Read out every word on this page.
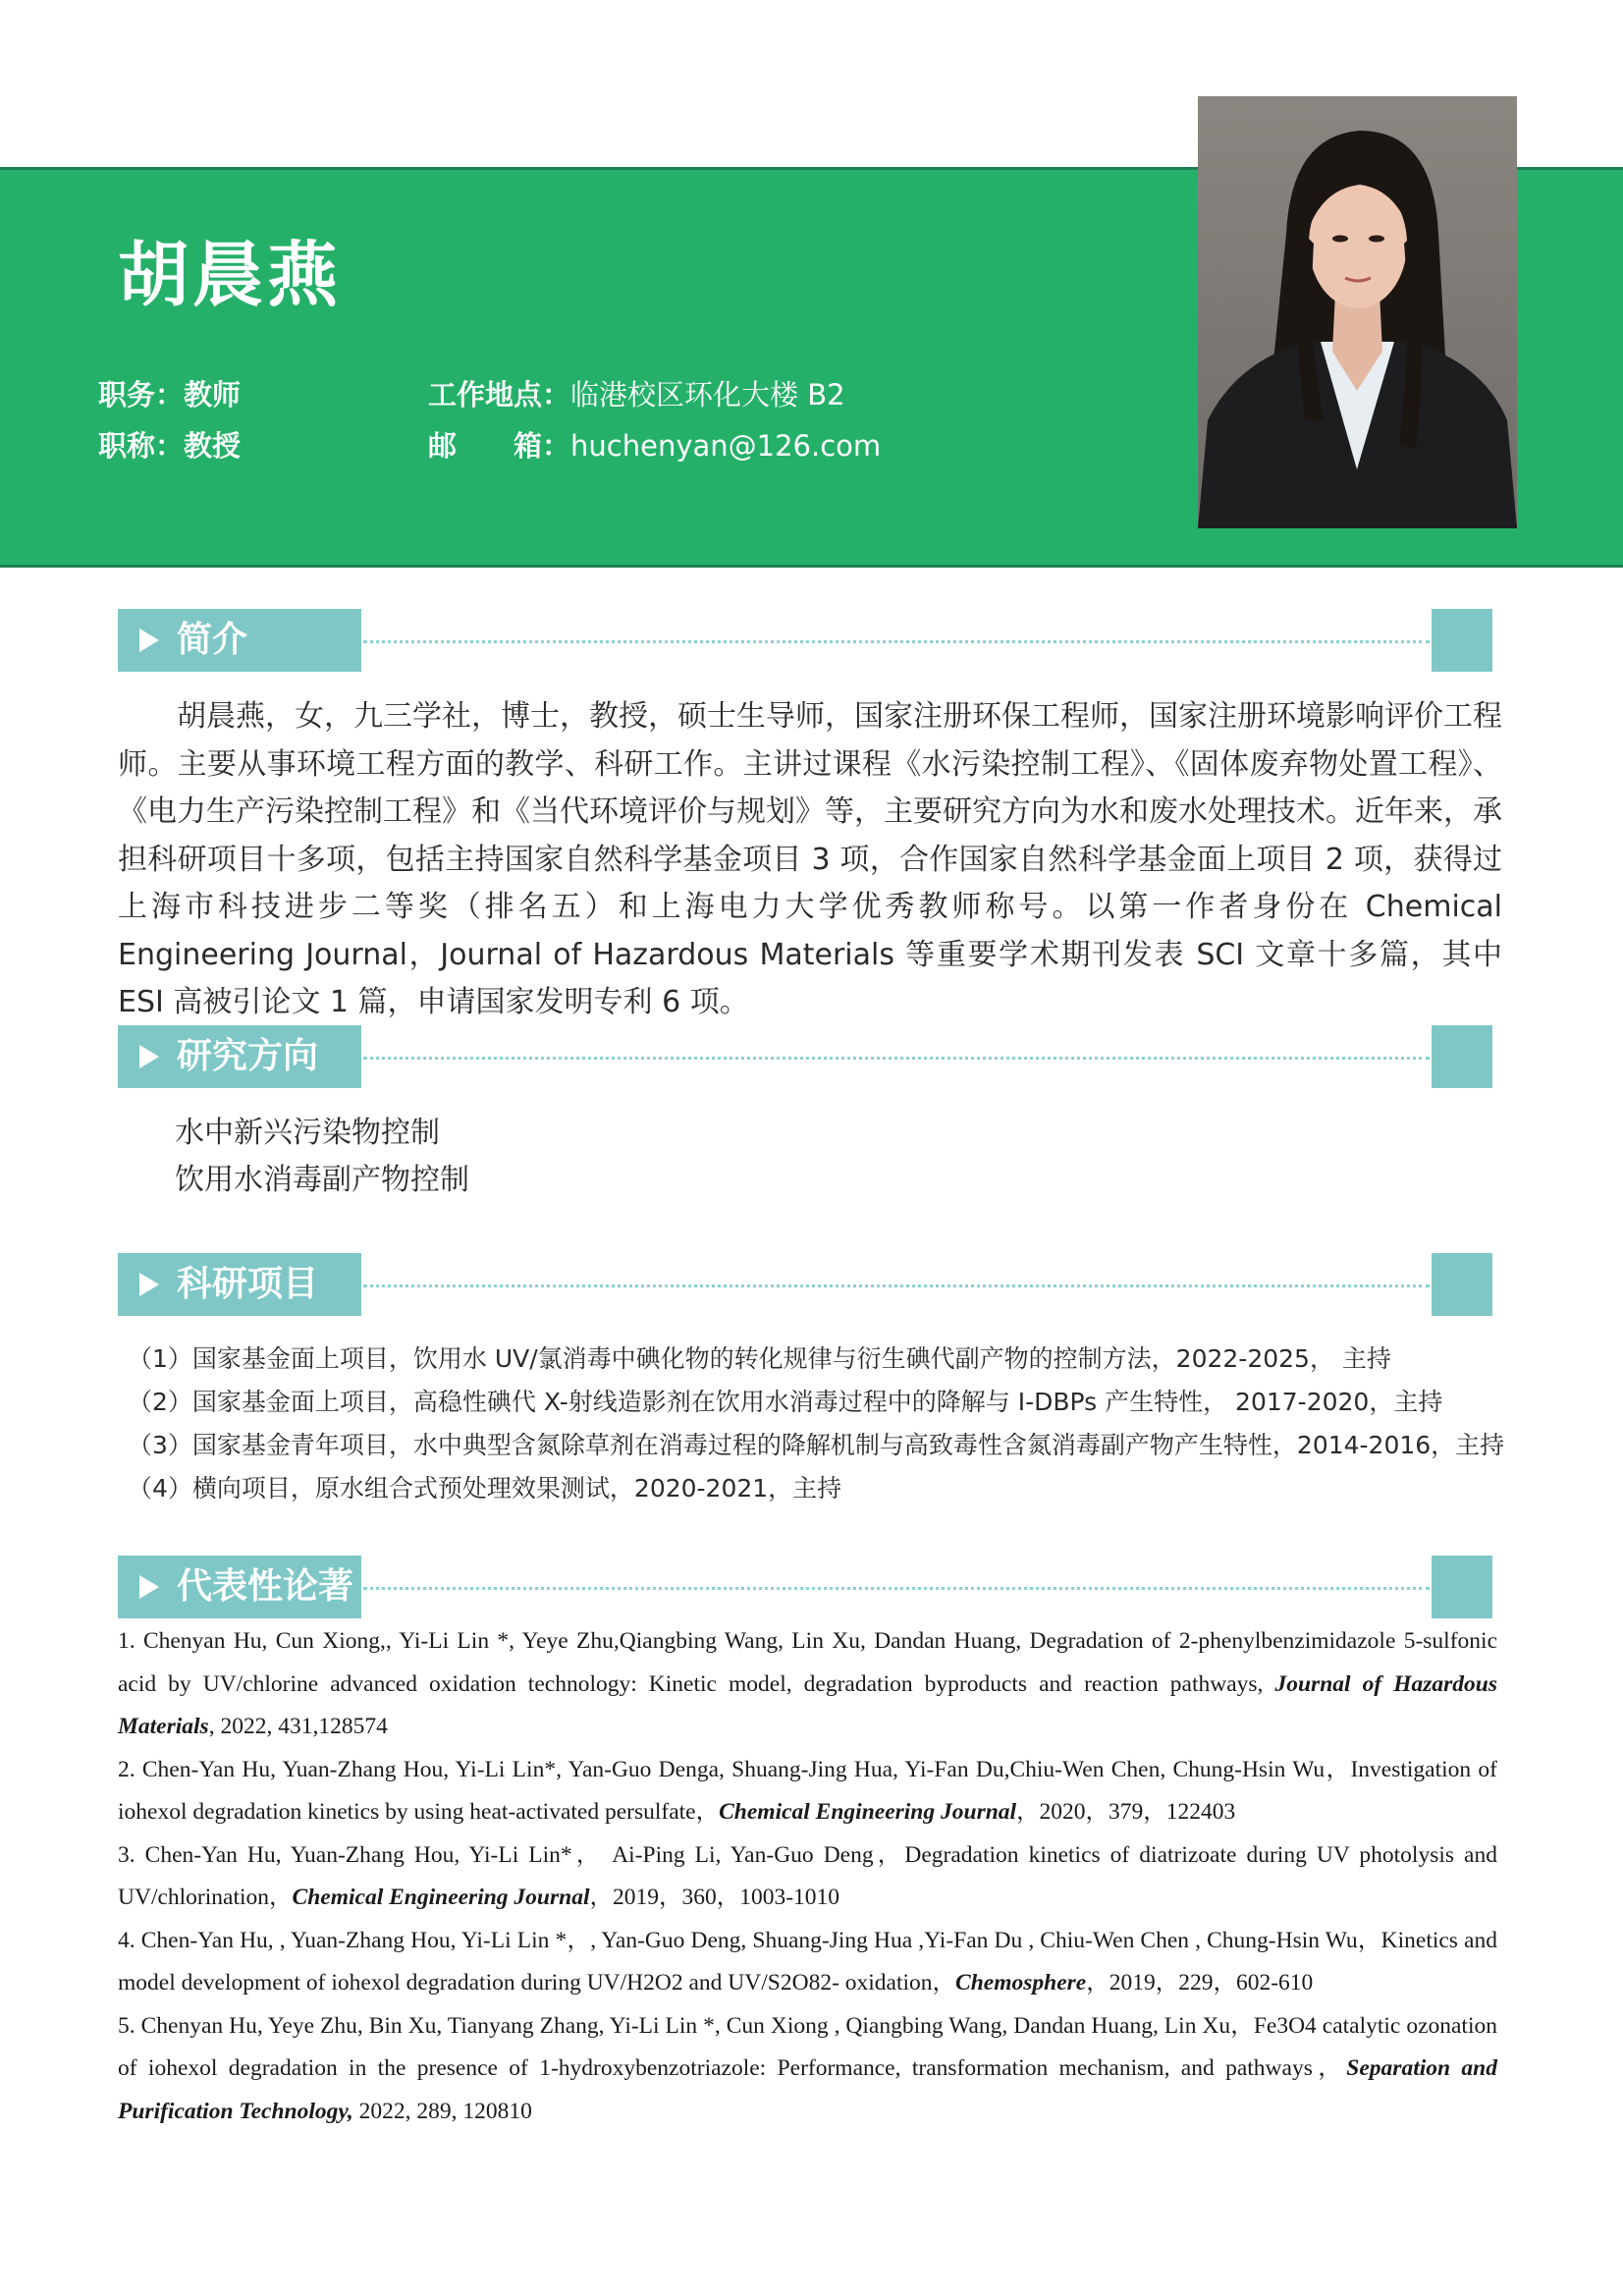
胡晨燕
职务：教师
职称：教授
工作地点：临港校区环化大楼 B2
邮　　箱：huchenyan@126.com
简介

胡晨燕，女，九三学社，博士，教授，硕士生导师，国家注册环保工程师，国家注册环境影响评价工程师。主要从事环境工程方面的教学、科研工作。主讲过课程《水污染控制工程》、《固体废弃物处置工程》、《电力生产污染控制工程》和《当代环境评价与规划》等，主要研究方向为水和废水处理技术。近年来，承担科研项目十多项，包括主持国家自然科学基金项目 3 项，合作国家自然科学基金面上项目 2 项，获得过上海市科技进步二等奖（排名五）和上海电力大学优秀教师称号。以第一作者身份在 Chemical Engineering Journal，Journal of Hazardous Materials 等重要学术期刊发表 SCI 文章十多篇，其中 ESI 高被引论文 1 篇，申请国家发明专利 6 项。

研究方向
水中新兴污染物控制
饮用水消毒副产物控制
科研项目
（1）国家基金面上项目，饮用水 UV/氯消毒中碘化物的转化规律与衍生碘代副产物的控制方法，2022-2025， 主持
（2）国家基金面上项目，高稳性碘代 X-射线造影剂在饮用水消毒过程中的降解与 I-DBPs 产生特性， 2017-2020，主持
（3）国家基金青年项目，水中典型含氮除草剂在消毒过程的降解机制与高致毒性含氮消毒副产物产生特性，2014-2016，主持
（4）横向项目，原水组合式预处理效果测试，2020-2021，主持
代表性论著

1. Chenyan Hu, Cun Xiong,, Yi-Li Lin *, Yeye Zhu,Qiangbing Wang, Lin Xu, Dandan Huang, Degradation of 2-phenylbenzimidazole 5-sulfonic acid by UV/chlorine advanced oxidation technology: Kinetic model, degradation byproducts and reaction pathways, Journal of Hazardous Materials, 2022, 431,128574

2. Chen-Yan Hu, Yuan-Zhang Hou, Yi-Li Lin*, Yan-Guo Denga, Shuang-Jing Hua, Yi-Fan Du,Chiu-Wen Chen, Chung-Hsin Wu，Investigation of iohexol degradation kinetics by using heat-activated persulfate，Chemical Engineering Journal，2020，379，122403

3. Chen-Yan Hu, Yuan-Zhang Hou, Yi-Li Lin*， Ai-Ping Li, Yan-Guo Deng，Degradation kinetics of diatrizoate during UV photolysis and UV/chlorination，Chemical Engineering Journal，2019，360，1003-1010

4. Chen-Yan Hu, , Yuan-Zhang Hou, Yi-Li Lin *，, Yan-Guo Deng, Shuang-Jing Hua ,Yi-Fan Du , Chiu-Wen Chen , Chung-Hsin Wu，Kinetics and model development of iohexol degradation during UV/H2O2 and UV/S2O82- oxidation，Chemosphere，2019，229，602-610

5. Chenyan Hu, Yeye Zhu, Bin Xu, Tianyang Zhang, Yi-Li Lin *, Cun Xiong , Qiangbing Wang, Dandan Huang, Lin Xu，Fe3O4 catalytic ozonation of iohexol degradation in the presence of 1-hydroxybenzotriazole: Performance, transformation mechanism, and pathways，Separation and Purification Technology, 2022, 289, 120810
